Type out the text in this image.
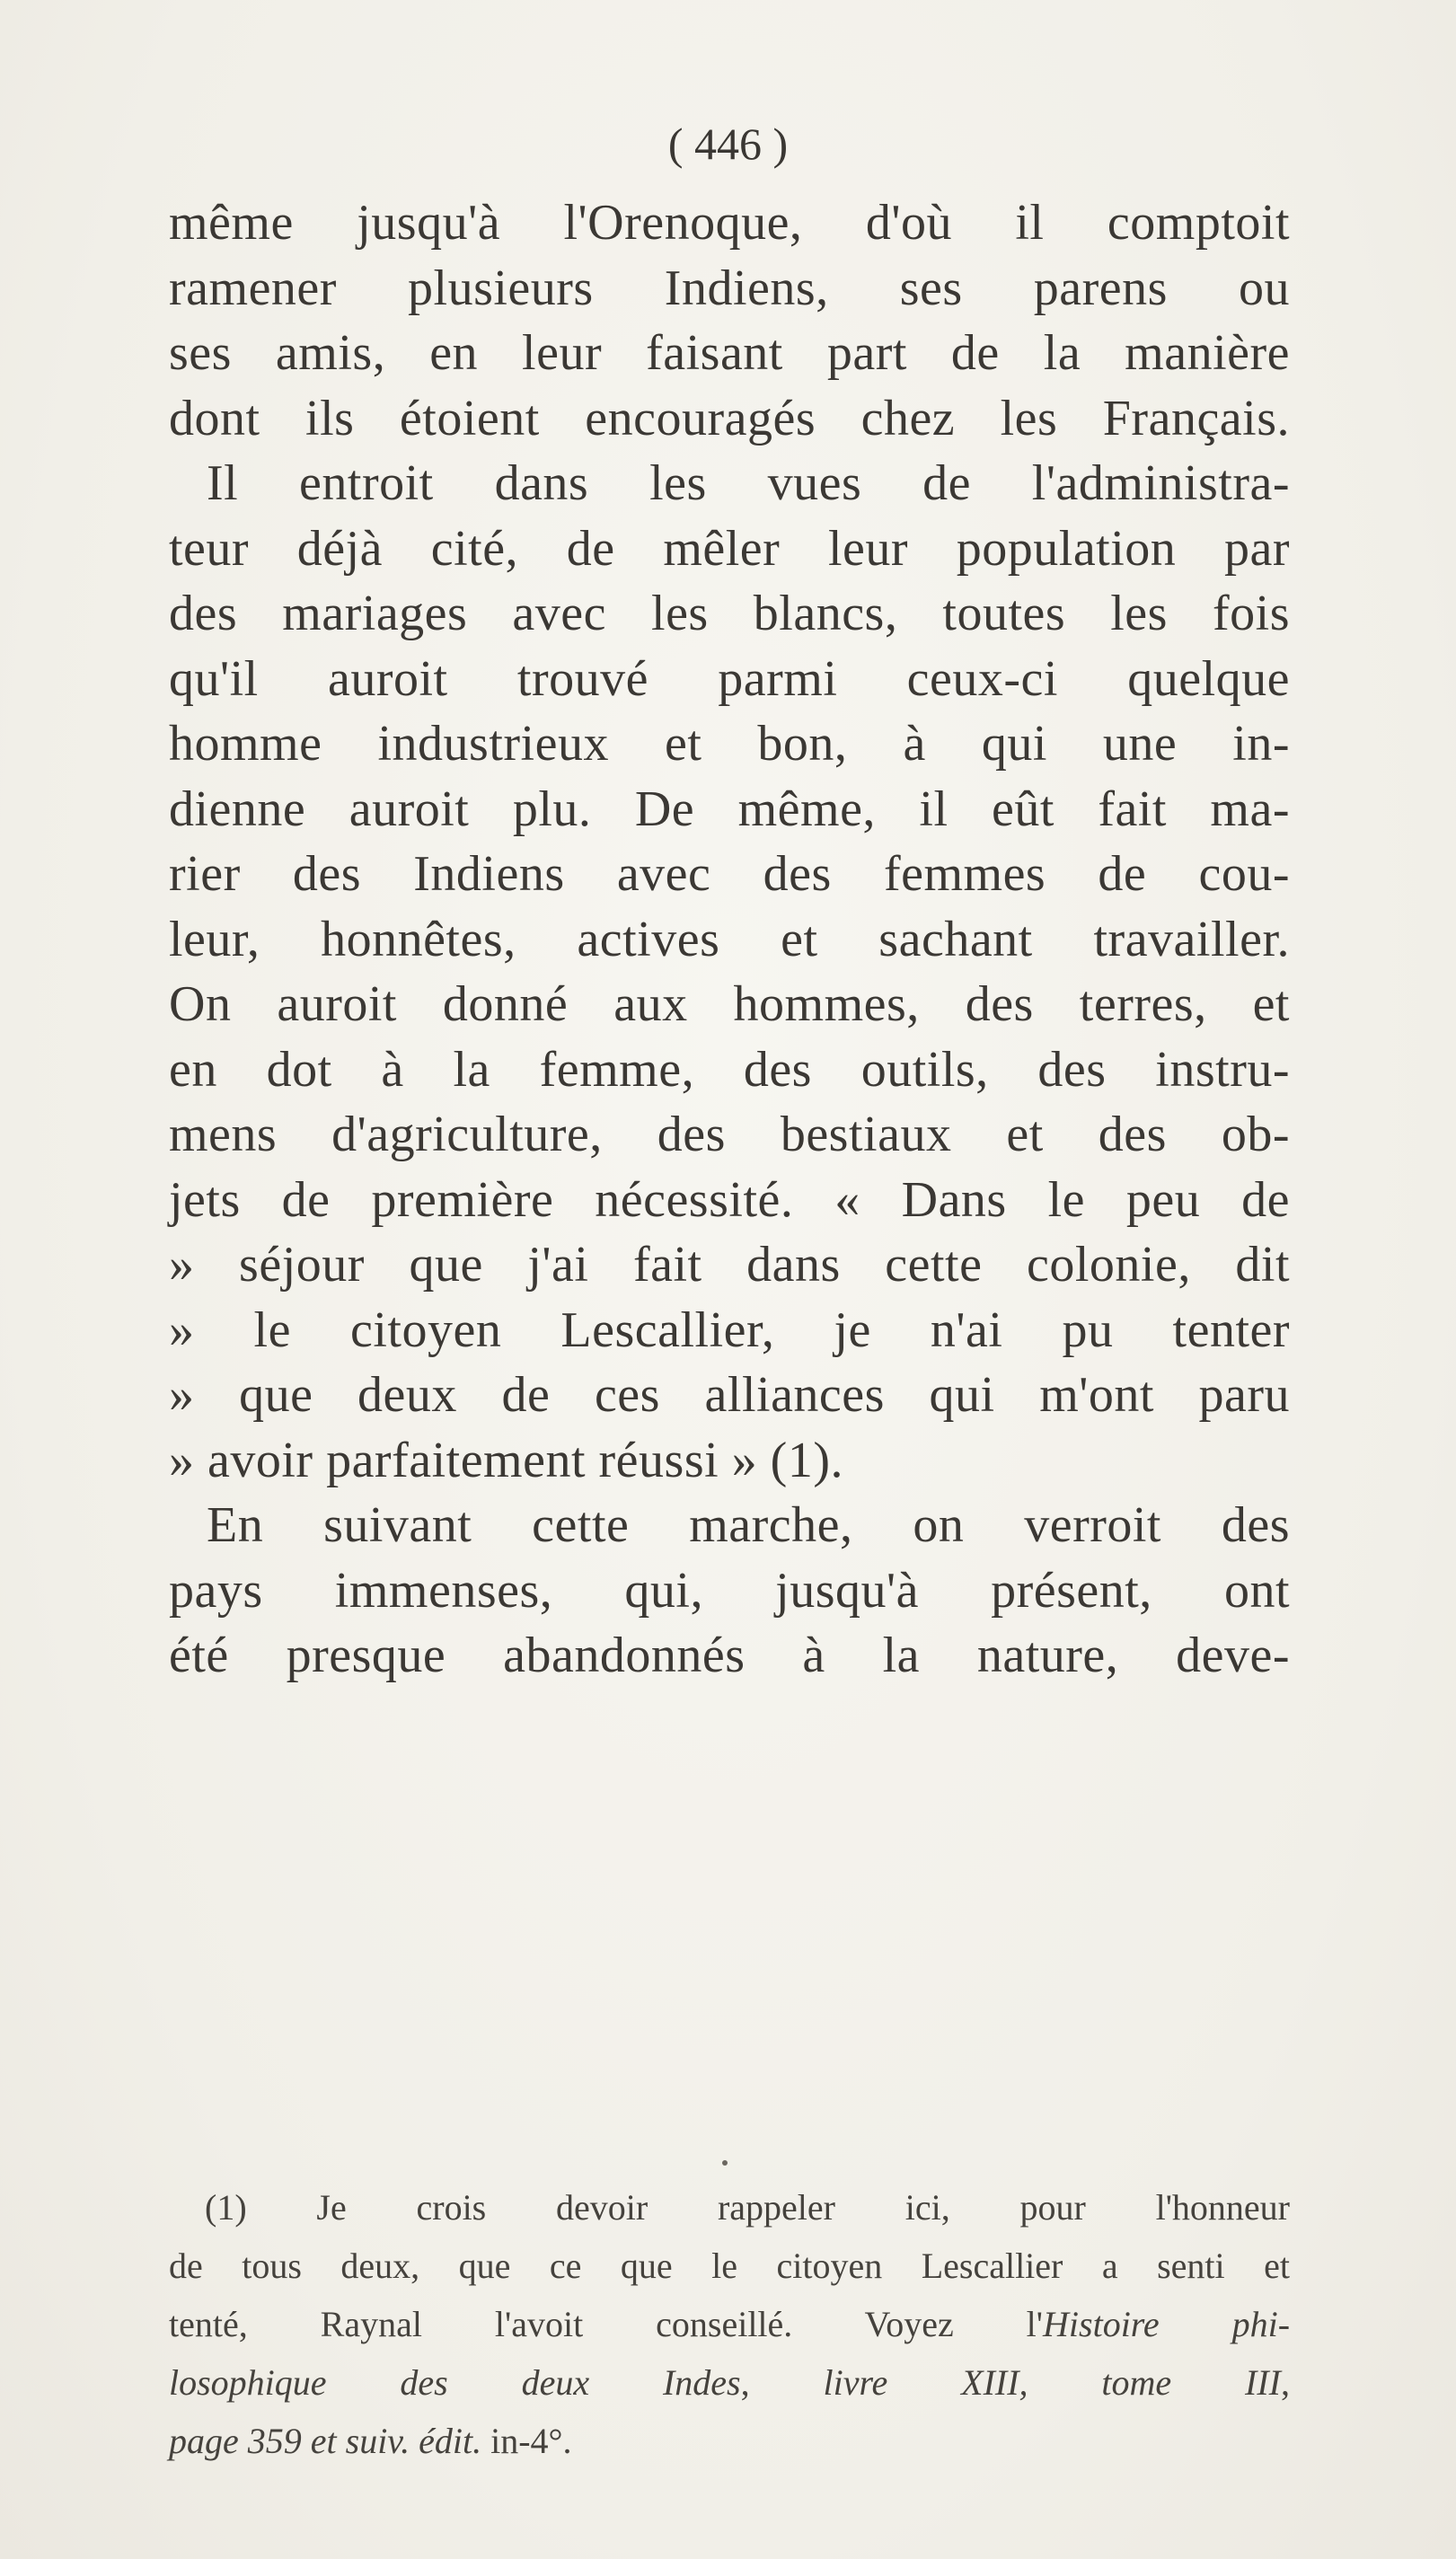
( 446 )
même jusqu'à l'Orenoque, d'où il comptoit
ramener plusieurs Indiens, ses parens ou
ses amis, en leur faisant part de la manière
dont ils étoient encouragés chez les Français.
Il entroit dans les vues de l'administra-
teur déjà cité, de mêler leur population par
des mariages avec les blancs, toutes les fois
qu'il auroit trouvé parmi ceux-ci quelque
homme industrieux et bon, à qui une in-
dienne auroit plu. De même, il eût fait ma-
rier des Indiens avec des femmes de cou-
leur, honnêtes, actives et sachant travailler.
On auroit donné aux hommes, des terres, et
en dot à la femme, des outils, des instru-
mens d'agriculture, des bestiaux et des ob-
jets de première nécessité. « Dans le peu de
» séjour que j'ai fait dans cette colonie, dit
» le citoyen Lescallier, je n'ai pu tenter
» que deux de ces alliances qui m'ont paru
» avoir parfaitement réussi » (1).
En suivant cette marche, on verroit des
pays immenses, qui, jusqu'à présent, ont
été presque abandonnés à la nature, deve-
(1) Je crois devoir rappeler ici, pour l'honneur
de tous deux, que ce que le citoyen Lescallier a senti et
tenté, Raynal l'avoit conseillé. Voyez l'Histoire phi-
losophique des deux Indes, livre XIII, tome III,
page 359 et suiv. édit. in-4°.
